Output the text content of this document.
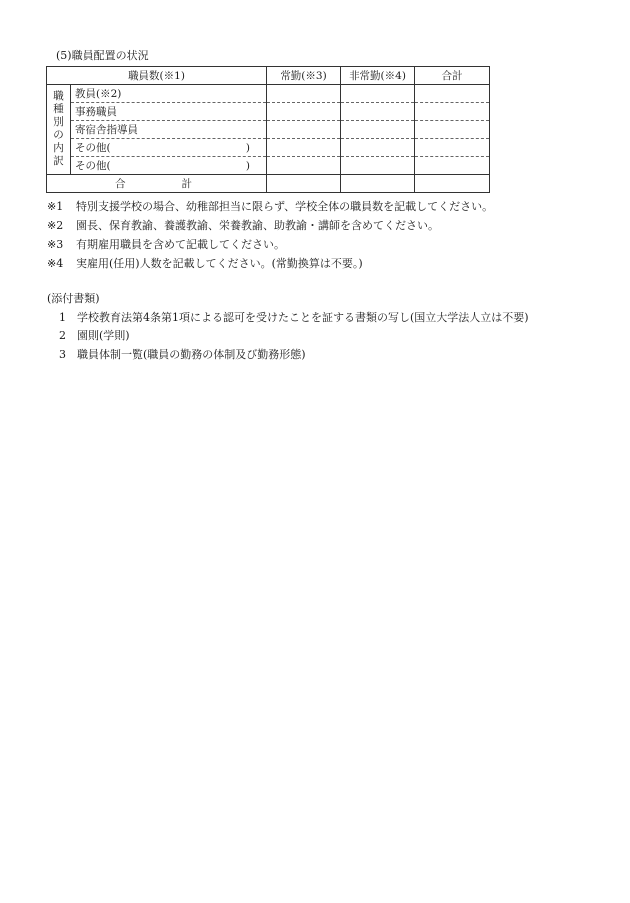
(5)職員配置の状況
職員数(※1)		常勤(※3)	非常勤(※4)	合計
職種別の内訳	教員(※2)			
	事務職員			
	寄宿舎指導員			

	その他( )			

	その他( )			

合 計				
※1	特別支援学校の場合、幼稚部担当に限らず、学校全体の職員数を記載してください。
※2	園長、保育教諭、養護教諭、栄養教諭、助教諭・講師を含めてください。
※3	有期雇用職員を含めて記載してください。
※4	実雇用(任用)人数を記載してください。(常勤換算は不要。)
(添付書類)
1	学校教育法第4条第1項による認可を受けたことを証する書類の写し(国立大学法人立は不要)
2	園則(学則)
3	職員体制一覧(職員の勤務の体制及び勤務形態)
